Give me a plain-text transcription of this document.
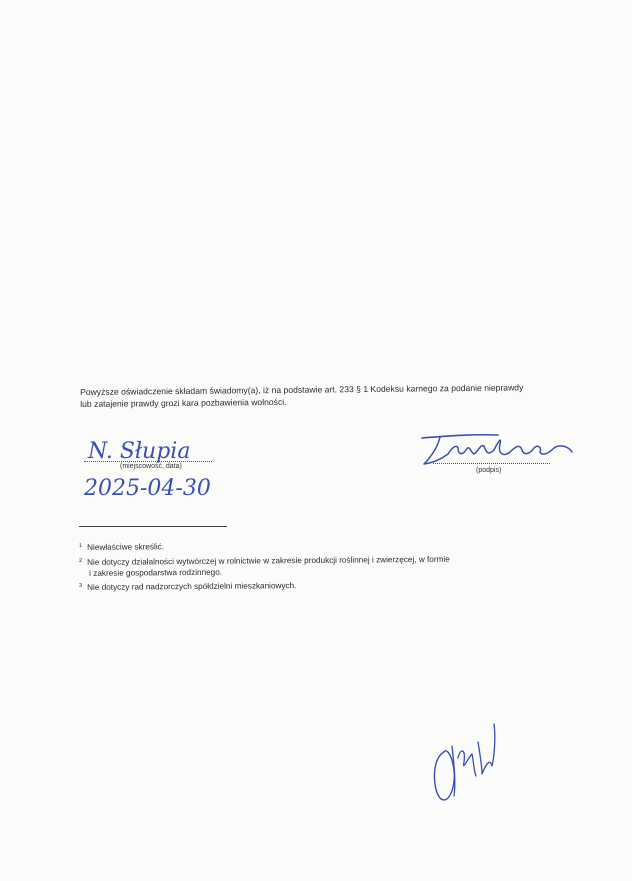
Powyższe oświadczenie składam świadomy(a), iż na podstawie art. 233 § 1 Kodeksu karnego za podanie nieprawdy

lub zatajenie prawdy grozi kara pozbawienia wolności.

N. Słupia
(miejscowość, data)
2025-04-30
(podpis)
$^1$ Niewłaściwe skreślić.
$^2$ Nie dotyczy działalności wytwórczej w rolnictwie w zakresie produkcji roślinnej i zwierzęcej, w formie
i zakresie gospodarstwa rodzinnego.
$^3$ Nie dotyczy rad nadzorczych spółdzielni mieszkaniowych.
